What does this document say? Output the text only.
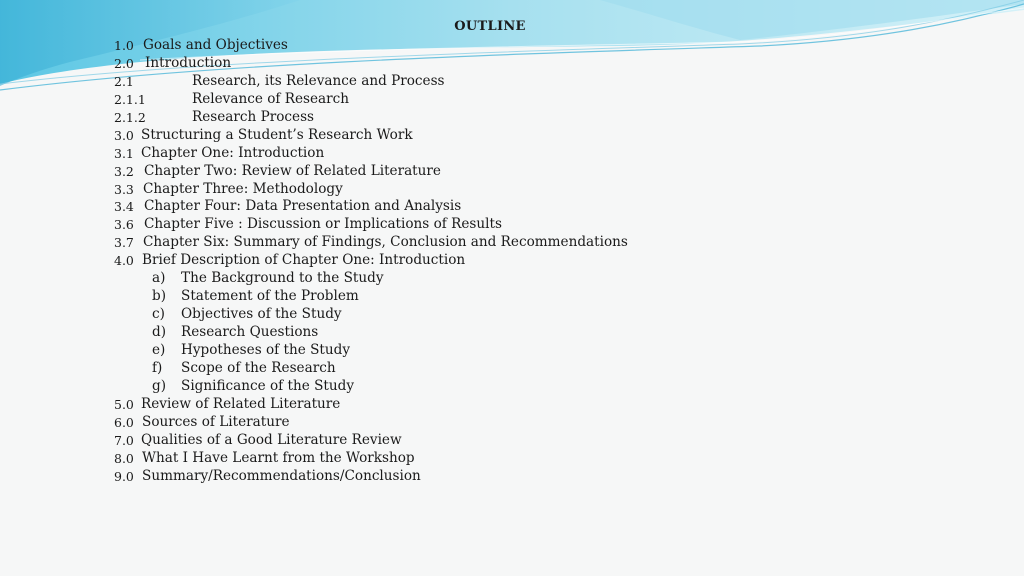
OUTLINE
1.0 Goals and Objectives
2.0 Introduction
2.1	Research, its Relevance and Process
2.1.1	Relevance of Research
2.1.2	Research Process
3.0 Structuring a Student’s Research Work
3.1 Chapter One: Introduction
3.2 Chapter Two: Review of Related Literature
3.3 Chapter Three: Methodology
3.4 Chapter Four: Data Presentation and Analysis
3.6 Chapter Five : Discussion or Implications of Results
3.7 Chapter Six: Summary of Findings, Conclusion and Recommendations
4.0 Brief Description of Chapter One: Introduction
a) The Background to the Study
b) Statement of the Problem
c) Objectives of the Study
d) Research Questions
e) Hypotheses of the Study
f) Scope of the Research
g) Significance of the Study
5.0 Review of Related Literature
6.0 Sources of Literature
7.0 Qualities of a Good Literature Review
8.0 What I Have Learnt from the Workshop
9.0 Summary/Recommendations/Conclusion
